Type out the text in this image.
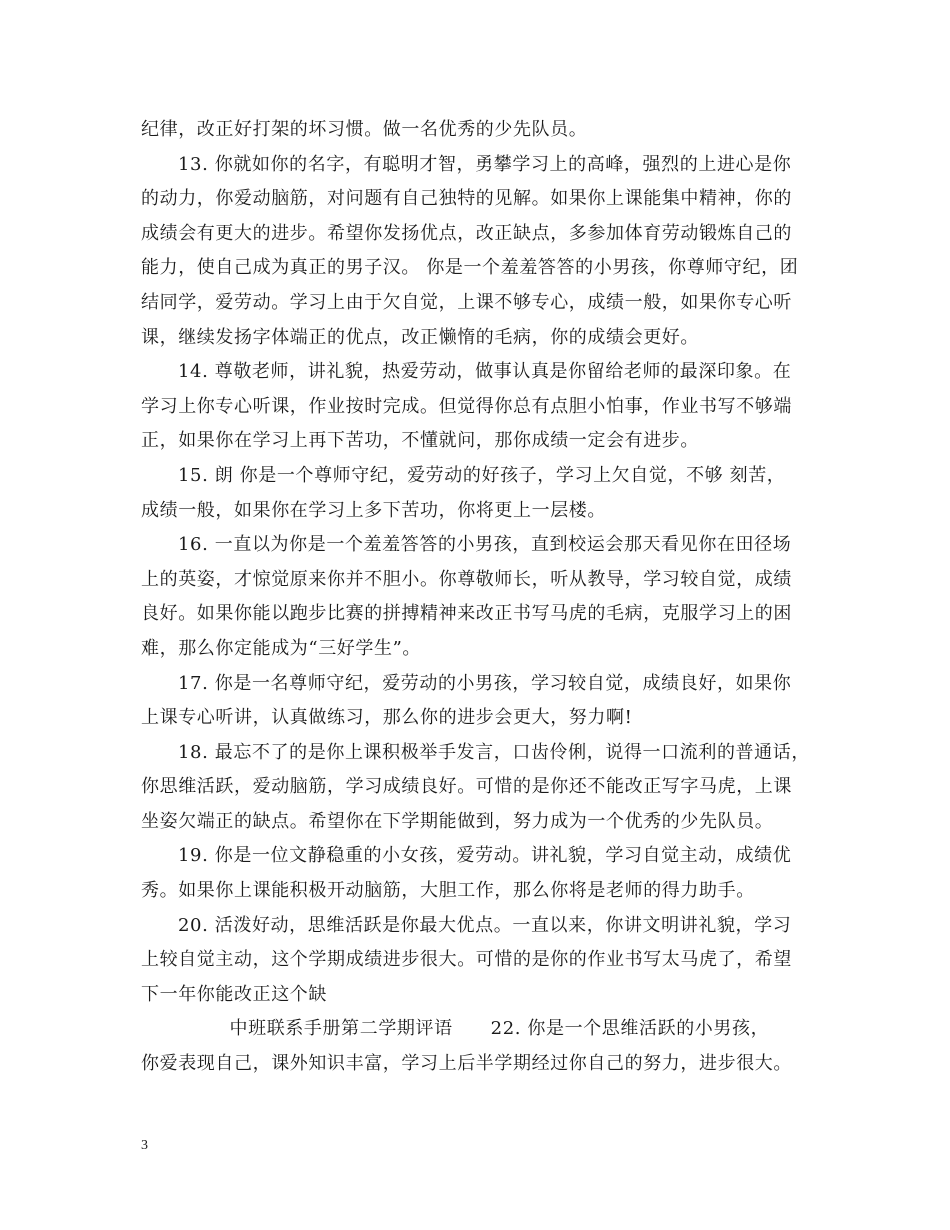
纪律，改正好打架的坏习惯。做一名优秀的少先队员。
13. 你就如你的名字，有聪明才智，勇攀学习上的高峰，强烈的上进心是你
的动力，你爱动脑筋，对问题有自己独特的见解。如果你上课能集中精神，你的
成绩会有更大的进步。希望你发扬优点，改正缺点，多参加体育劳动锻炼自己的
能力，使自己成为真正的男子汉。 你是一个羞羞答答的小男孩，你尊师守纪，团
结同学，爱劳动。学习上由于欠自觉，上课不够专心，成绩一般，如果你专心听
课，继续发扬字体端正的优点，改正懒惰的毛病，你的成绩会更好。
14. 尊敬老师，讲礼貌，热爱劳动，做事认真是你留给老师的最深印象。在
学习上你专心听课，作业按时完成。但觉得你总有点胆小怕事，作业书写不够端
正，如果你在学习上再下苦功，不懂就问，那你成绩一定会有进步。
15. 朗 你是一个尊师守纪，爱劳动的好孩子，学习上欠自觉，不够 刻苦，
成绩一般，如果你在学习上多下苦功，你将更上一层楼。
16. 一直以为你是一个羞羞答答的小男孩，直到校运会那天看见你在田径场
上的英姿，才惊觉原来你并不胆小。你尊敬师长，听从教导，学习较自觉，成绩
良好。如果你能以跑步比赛的拼搏精神来改正书写马虎的毛病，克服学习上的困
难，那么你定能成为“三好学生”。
17. 你是一名尊师守纪，爱劳动的小男孩，学习较自觉，成绩良好，如果你
上课专心听讲，认真做练习，那么你的进步会更大，努力啊!
18. 最忘不了的是你上课积极举手发言，口齿伶俐，说得一口流利的普通话，
你思维活跃，爱动脑筋，学习成绩良好。可惜的是你还不能改正写字马虎，上课
坐姿欠端正的缺点。希望你在下学期能做到，努力成为一个优秀的少先队员。
19. 你是一位文静稳重的小女孩，爱劳动。讲礼貌，学习自觉主动，成绩优
秀。如果你上课能积极开动脑筋，大胆工作，那么你将是老师的得力助手。
20. 活泼好动，思维活跃是你最大优点。一直以来，你讲文明讲礼貌，学习
上较自觉主动，这个学期成绩进步很大。可惜的是你的作业书写太马虎了，希望
下一年你能改正这个缺
中班联系手册第二学期评语      22. 你是一个思维活跃的小男孩，
你爱表现自己，课外知识丰富，学习上后半学期经过你自己的努力，进步很大。
3
